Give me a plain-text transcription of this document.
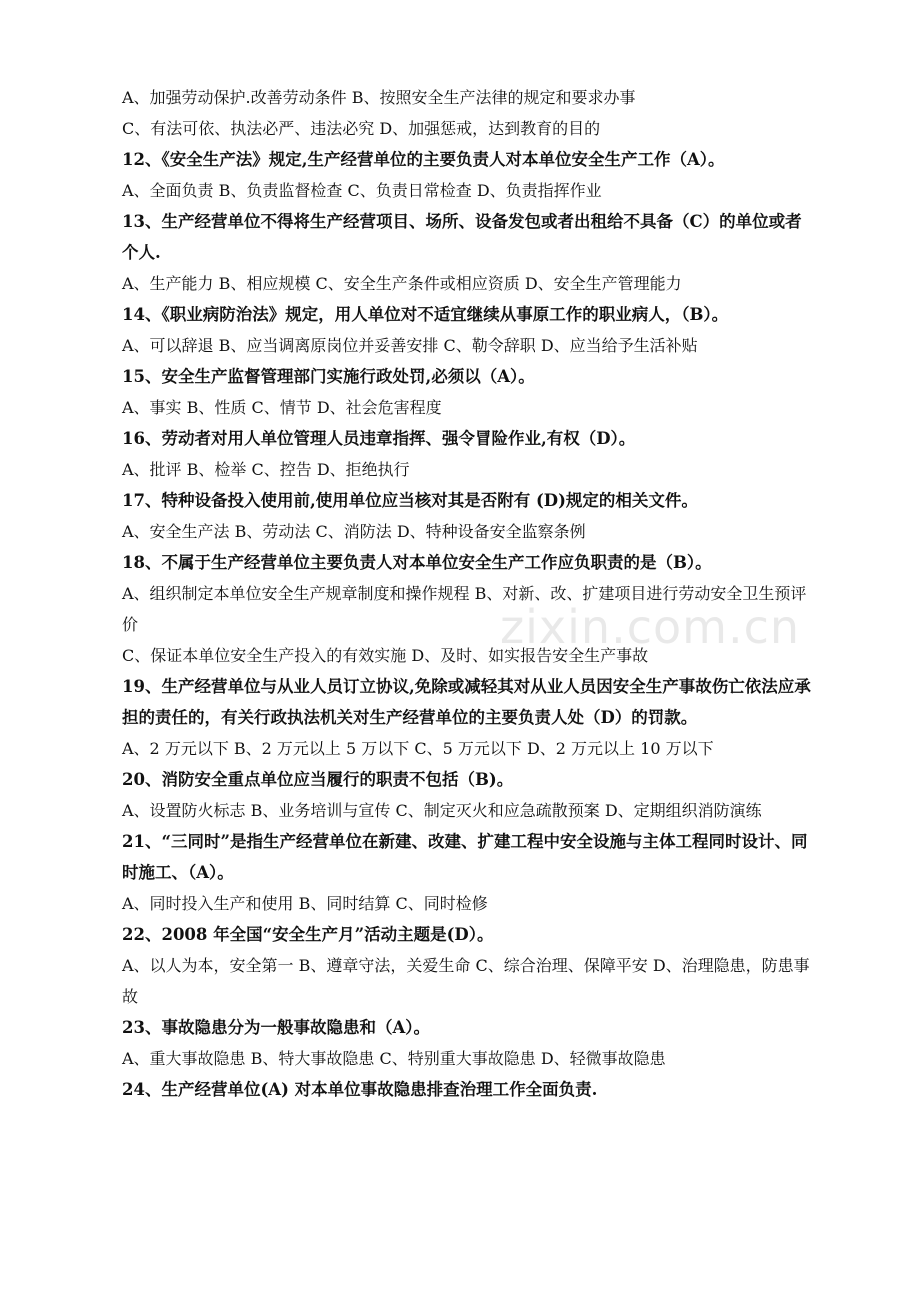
zixin.com.cn
A、加强劳动保护.改善劳动条件 B、按照安全生产法律的规定和要求办事
C、有法可依、执法必严、违法必究 D、加强惩戒，达到教育的目的
12、《安全生产法》规定,生产经营单位的主要负责人对本单位安全生产工作（A）。
A、全面负责 B、负责监督检查 C、负责日常检查 D、负责指挥作业
13、生产经营单位不得将生产经营项目、场所、设备发包或者出租给不具备（C）的单位或者个人.
A、生产能力 B、相应规模 C、安全生产条件或相应资质 D、安全生产管理能力
14、《职业病防治法》规定，用人单位对不适宜继续从事原工作的职业病人，（B）。
A、可以辞退 B、应当调离原岗位并妥善安排 C、勒令辞职 D、应当给予生活补贴
15、安全生产监督管理部门实施行政处罚,必须以（A）。
A、事实 B、性质 C、情节 D、社会危害程度
16、劳动者对用人单位管理人员违章指挥、强令冒险作业,有权（D）。
A、批评 B、检举 C、控告 D、拒绝执行
17、特种设备投入使用前,使用单位应当核对其是否附有 (D)规定的相关文件。
A、安全生产法 B、劳动法 C、消防法 D、特种设备安全监察条例
18、不属于生产经营单位主要负责人对本单位安全生产工作应负职责的是（B）。
A、组织制定本单位安全生产规章制度和操作规程 B、对新、改、扩建项目进行劳动安全卫生预评价
C、保证本单位安全生产投入的有效实施 D、及时、如实报告安全生产事故
19、生产经营单位与从业人员订立协议,免除或减轻其对从业人员因安全生产事故伤亡依法应承担的责任的，有关行政执法机关对生产经营单位的主要负责人处（D）的罚款。
A、2 万元以下 B、2 万元以上 5 万以下 C、5 万元以下 D、2 万元以上 10 万以下
20、消防安全重点单位应当履行的职责不包括（B)。
A、设置防火标志 B、业务培训与宣传 C、制定灭火和应急疏散预案 D、定期组织消防演练
21、“三同时”是指生产经营单位在新建、改建、扩建工程中安全设施与主体工程同时设计、同时施工、（A）。
A、同时投入生产和使用 B、同时结算 C、同时检修
22、2008 年全国“安全生产月”活动主题是(D）。
A、以人为本，安全第一 B、遵章守法，关爱生命 C、综合治理、保障平安 D、治理隐患，防患事故
23、事故隐患分为一般事故隐患和（A）。
A、重大事故隐患 B、特大事故隐患 C、特别重大事故隐患 D、轻微事故隐患
24、生产经营单位(A) 对本单位事故隐患排查治理工作全面负责.
